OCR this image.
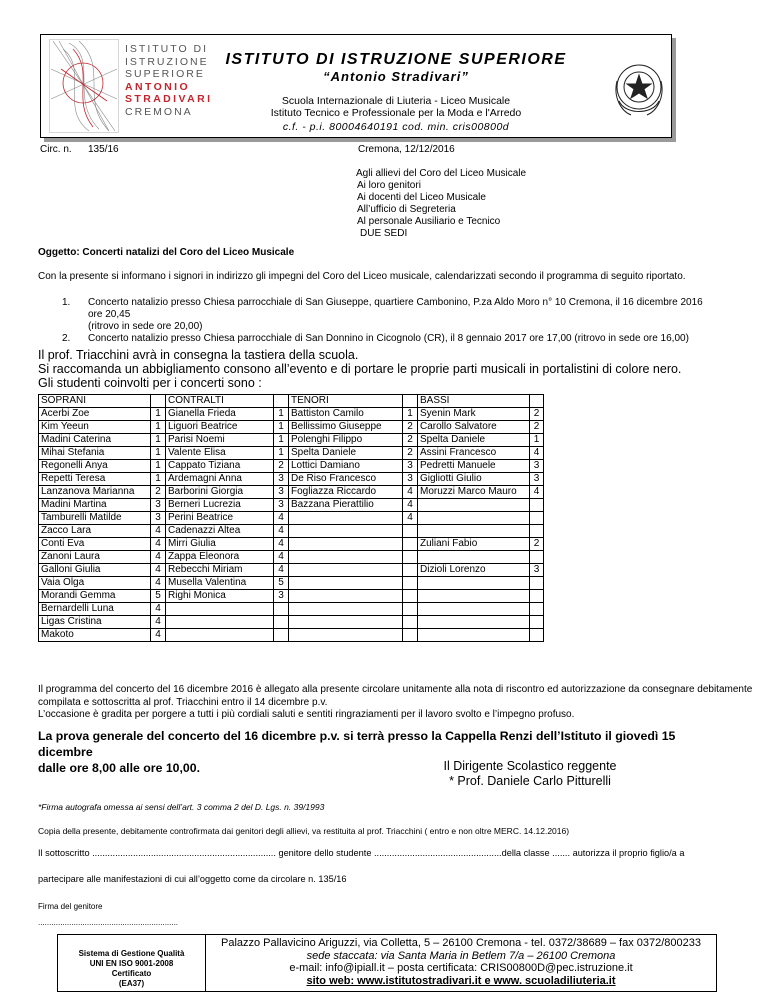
ISTITUTO DI
ISTRUZIONE
SUPERIORE
ANTONIO
STRADIVARI
CREMONA
ISTITUTO DI ISTRUZIONE SUPERIORE
“Antonio Stradivari”
Scuola Internazionale di Liuteria - Liceo Musicale
Istituto Tecnico e Professionale per la Moda e l'Arredo
c.f. - p.i. 80004640191 cod. min. cris00800d
Circ. n. 135/16	Cremona, 12/12/2016
Agli allievi del Coro del Liceo Musicale
Ai loro genitori
Ai docenti del Liceo Musicale
All’ufficio di Segreteria
Al personale Ausiliario e Tecnico
DUE SEDI
Oggetto: Concerti natalizi del Coro del Liceo Musicale
Con la presente si informano i signori in indirizzo gli impegni del Coro del Liceo musicale, calendarizzati secondo il programma di seguito riportato.
1. Concerto natalizio presso Chiesa parrocchiale di San Giuseppe, quartiere Cambonino, P.za Aldo Moro n° 10 Cremona, il 16 dicembre 2016 ore 20,45
(ritrovo in sede ore 20,00)
2. Concerto natalizio presso Chiesa parrocchiale di San Donnino in Cicognolo (CR), il 8 gennaio 2017 ore 17,00 (ritrovo in sede ore 16,00)
Il prof. Triacchini avrà in consegna la tastiera della scuola.
Si raccomanda un abbigliamento consono all’evento e di portare le proprie parti musicali in portalistini di colore nero.
Gli studenti coinvolti per i concerti sono :
SOPRANI		CONTRALTI		TENORI		BASSI	
Acerbi Zoe	1	Gianella Frieda	1	Battiston Camilo	1	Syenin Mark	2
Kim Yeeun	1	Liguori Beatrice	1	Bellissimo Giuseppe	2	Carollo Salvatore	2
Madini Caterina	1	Parisi Noemi	1	Polenghi Filippo	2	Spelta Daniele	1
Mihai Stefania	1	Valente Elisa	1	Spelta Daniele	2	Assini Francesco	4
Regonelli Anya	1	Cappato Tiziana	2	Lottici Damiano	3	Pedretti Manuele	3
Repetti Teresa	1	Ardemagni Anna	3	De Riso Francesco	3	Gigliotti Giulio	3
Lanzanova Marianna	2	Barborini Giorgia	3	Fogliazza Riccardo	4	Moruzzi Marco Mauro	4
Madini Martina	3	Berneri Lucrezia	3	Bazzana Pierattilio	4		
Tamburelli Matilde	3	Perini Beatrice	4		4		
Zacco Lara	4	Cadenazzi Altea	4				
Conti Eva	4	Mirri Giulia	4			Zuliani Fabio	2
Zanoni Laura	4	Zappa Eleonora	4				
Galloni Giulia	4	Rebecchi Miriam	4			Dizioli Lorenzo	3
Vaia Olga	4	Musella Valentina	5				
Morandi Gemma	5	Righi Monica	3				
Bernardelli Luna	4						
Ligas Cristina	4						
Makoto	4						
Il programma del concerto del 16 dicembre 2016 è allegato alla presente circolare unitamente alla nota di riscontro ed autorizzazione da consegnare debitamente
compilata e sottoscritta al prof. Triacchini entro il 14 dicembre p.v.
L’occasione è gradita per porgere a tutti i più cordiali saluti e sentiti ringraziamenti per il lavoro svolto e l’impegno profuso.
La prova generale del concerto del 16 dicembre p.v. si terrà presso la Cappella Renzi dell’Istituto il giovedì 15 dicembre
dalle ore 8,00 alle ore 10,00.	Il Dirigente Scolastico reggente
* Prof. Daniele Carlo Pitturelli
*Firma autografa omessa ai sensi dell’art. 3 comma 2 del D. Lgs. n. 39/1993
Copia della presente, debitamente controfirmata dai genitori degli allievi, va restituita al prof. Triacchini ( entro e non oltre MERC. 14.12.2016)
Il sottoscritto ........................................................................ genitore dello studente ..................................................della classe ....... autorizza il proprio figlio/a a
partecipare alle manifestazioni di cui all’oggetto come da circolare n. 135/16
Firma del genitore
...............................................................
Sistema di Gestione Qualità
UNI EN ISO 9001-2008
Certificato
(EA37)
Palazzo Pallavicino Ariguzzi, via Colletta, 5 – 26100 Cremona - tel. 0372/38689 – fax 0372/800233
sede staccata: via Santa Maria in Betlem 7/a – 26100 Cremona
e-mail: info@ipiall.it – posta certificata: CRIS00800D@pec.istruzione.it
sito web: www.istitutostradivari.it e www. scuoladiliuteria.it
